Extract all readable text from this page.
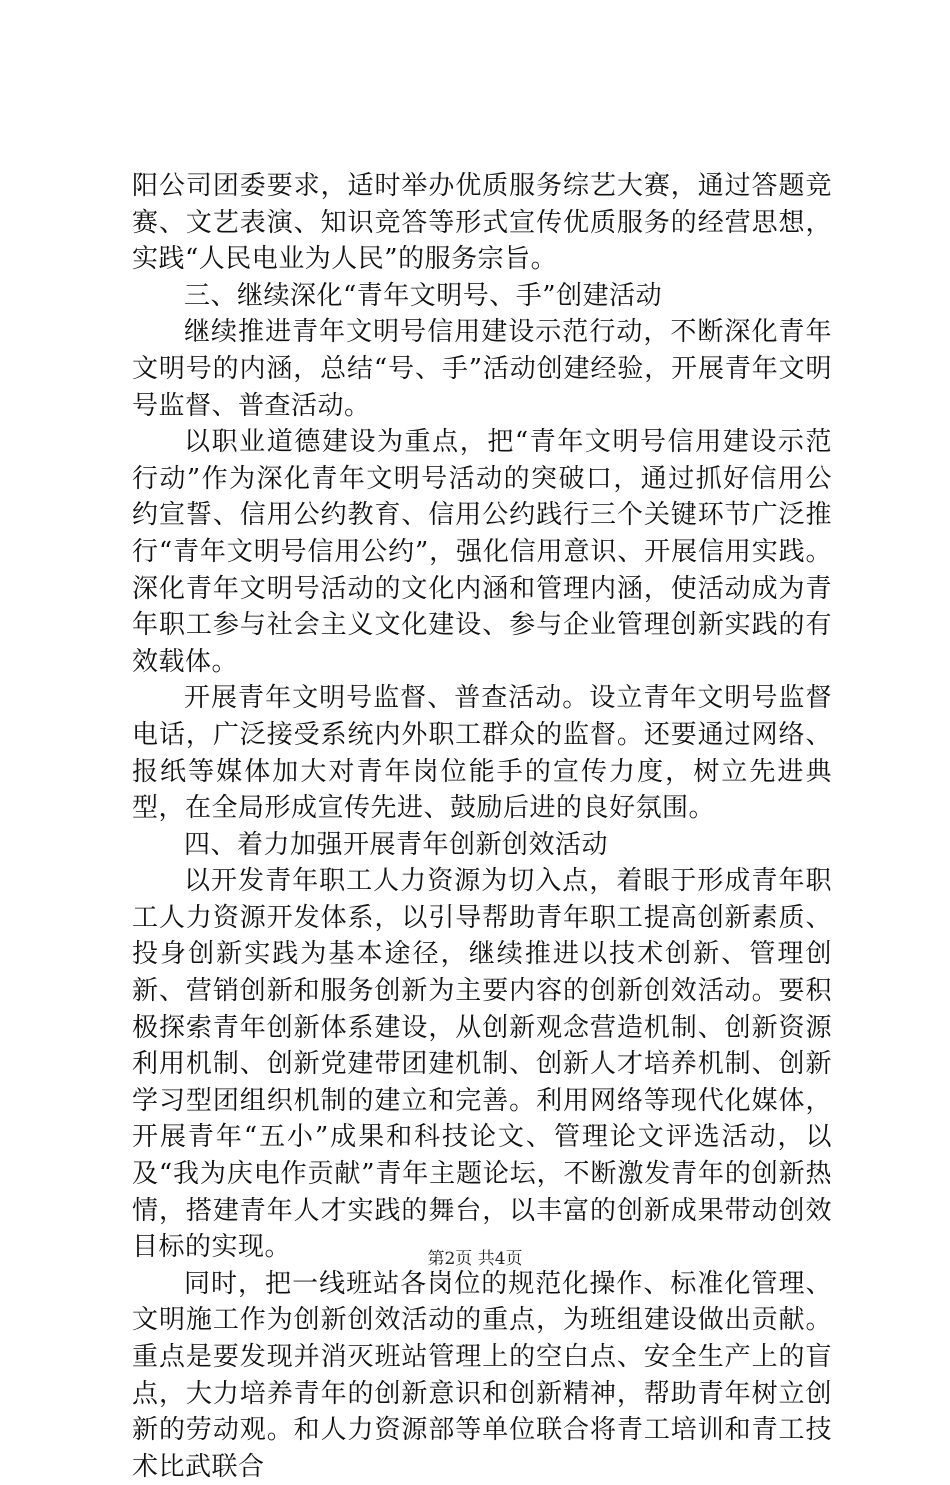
阳公司团委要求，适时举办优质服务综艺大赛，通过答题竞赛、文艺表演、知识竞答等形式宣传优质服务的经营思想，实践“人民电业为人民”的服务宗旨。

三、继续深化“青年文明号、手”创建活动

继续推进青年文明号信用建设示范行动，不断深化青年文明号的内涵，总结“号、手”活动创建经验，开展青年文明号监督、普查活动。

以职业道德建设为重点，把“青年文明号信用建设示范行动”作为深化青年文明号活动的突破口，通过抓好信用公约宣誓、信用公约教育、信用公约践行三个关键环节广泛推行“青年文明号信用公约”，强化信用意识、开展信用实践。深化青年文明号活动的文化内涵和管理内涵，使活动成为青年职工参与社会主义文化建设、参与企业管理创新实践的有效载体。

开展青年文明号监督、普查活动。设立青年文明号监督电话，广泛接受系统内外职工群众的监督。还要通过网络、报纸等媒体加大对青年岗位能手的宣传力度，树立先进典型，在全局形成宣传先进、鼓励后进的良好氛围。

四、着力加强开展青年创新创效活动

以开发青年职工人力资源为切入点，着眼于形成青年职工人力资源开发体系，以引导帮助青年职工提高创新素质、投身创新实践为基本途径，继续推进以技术创新、管理创新、营销创新和服务创新为主要内容的创新创效活动。要积极探索青年创新体系建设，从创新观念营造机制、创新资源利用机制、创新党建带团建机制、创新人才培养机制、创新学习型团组织机制的建立和完善。利用网络等现代化媒体，开展青年“五小”成果和科技论文、管理论文评选活动，以及“我为庆电作贡献”青年主题论坛，不断激发青年的创新热情，搭建青年人才实践的舞台，以丰富的创新成果带动创效目标的实现。

同时，把一线班站各岗位的规范化操作、标准化管理、文明施工作为创新创效活动的重点，为班组建设做出贡献。重点是要发现并消灭班站管理上的空白点、安全生产上的盲点，大力培养青年的创新意识和创新精神，帮助青年树立创新的劳动观。和人力资源部等单位联合将青工培训和青工技术比武联合

第2页 共4页
